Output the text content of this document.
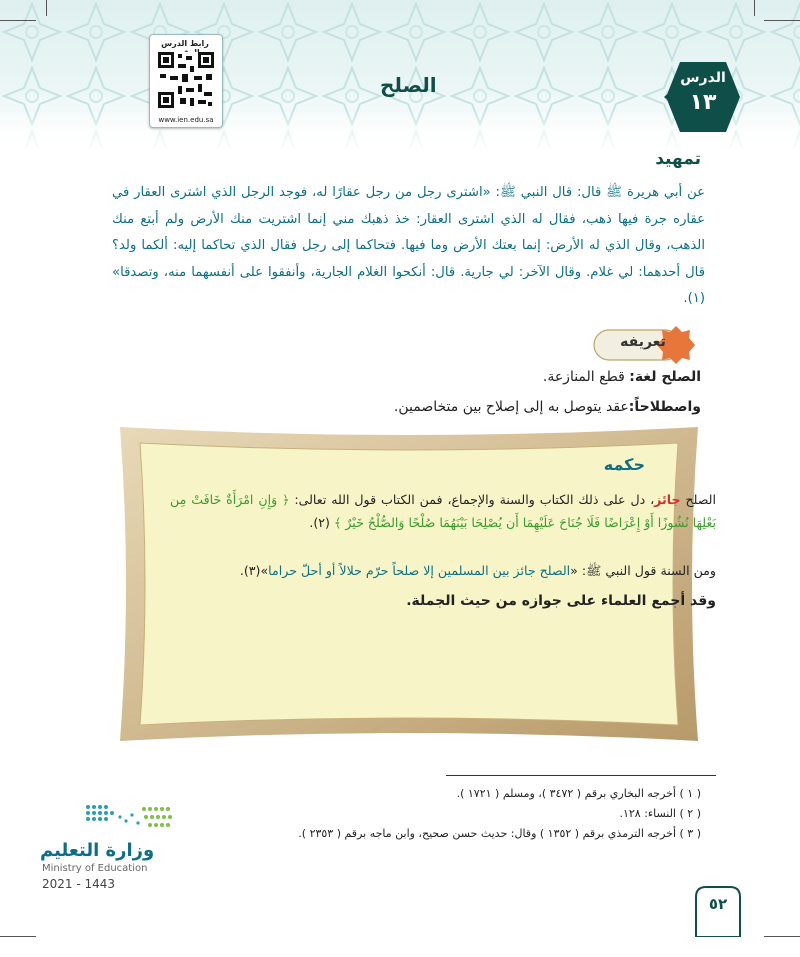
رابط الدرس
www.ien.edu.sa
الصلح	الدرس
١٣
تمهيد
عن أبي هريرة ﷺ قال: قال النبي ﷺ: «اشترى رجل من رجل عقارًا له، فوجد الرجل الذي اشترى العقار في عقاره جرة فيها ذهب، فقال له الذي اشترى العقار: خذ ذهبك مني إنما اشتريت منك الأرض ولم أبتع منك الذهب، وقال الذي له الأرض: إنما بعتك الأرض وما فيها. فتحاكما إلى رجل فقال الذي تحاكما إليه: ألكما ولد؟ قال أحدهما: لي غلام. وقال الآخر: لي جارية. قال: أنكحوا الغلام الجارية، وأنفقوا على أنفسهما منه، وتصدقا» (١).
تعريفه
الصلح لغة: قطع المنازعة.
واصطلاحاً:عقد يتوصل به إلى إصلاح بين متخاصمين.
حكمه
الصلح جائز، دل على ذلك الكتاب والسنة والإجماع، فمن الكتاب قول الله تعالى: ﴿ وَإِنِ امْرَأَةٌ خَافَتْ مِن بَعْلِهَا نُشُوزًا أَوْ إِعْرَاضًا فَلَا جُنَاحَ عَلَيْهِمَا أَن يُصْلِحَا بَيْنَهُمَا صُلْحًا وَالصُّلْحُ خَيْرٌ ﴾ (٢).
ومن السنة قول النبي ﷺ: «الصلح جائز بين المسلمين إلا صلحاً حرّم حلالاً أو أحلّ حراما»(٣).
وقد أجمع العلماء على جوازه من حيث الجملة.
( ١ ) أخرجه البخاري برقم ( ٣٤٧٢ )، ومسلم ( ١٧٢١ ).
( ٢ ) النساء: ١٢٨.
( ٣ ) أخرجه الترمذي برقم ( ١٣٥٢ ) وقال: حديث حسن صحيح، وابن ماجه برقم ( ٢٣٥٣ ).
وزارة التعليم
Ministry of Education
2021 - 1443
٥٢
